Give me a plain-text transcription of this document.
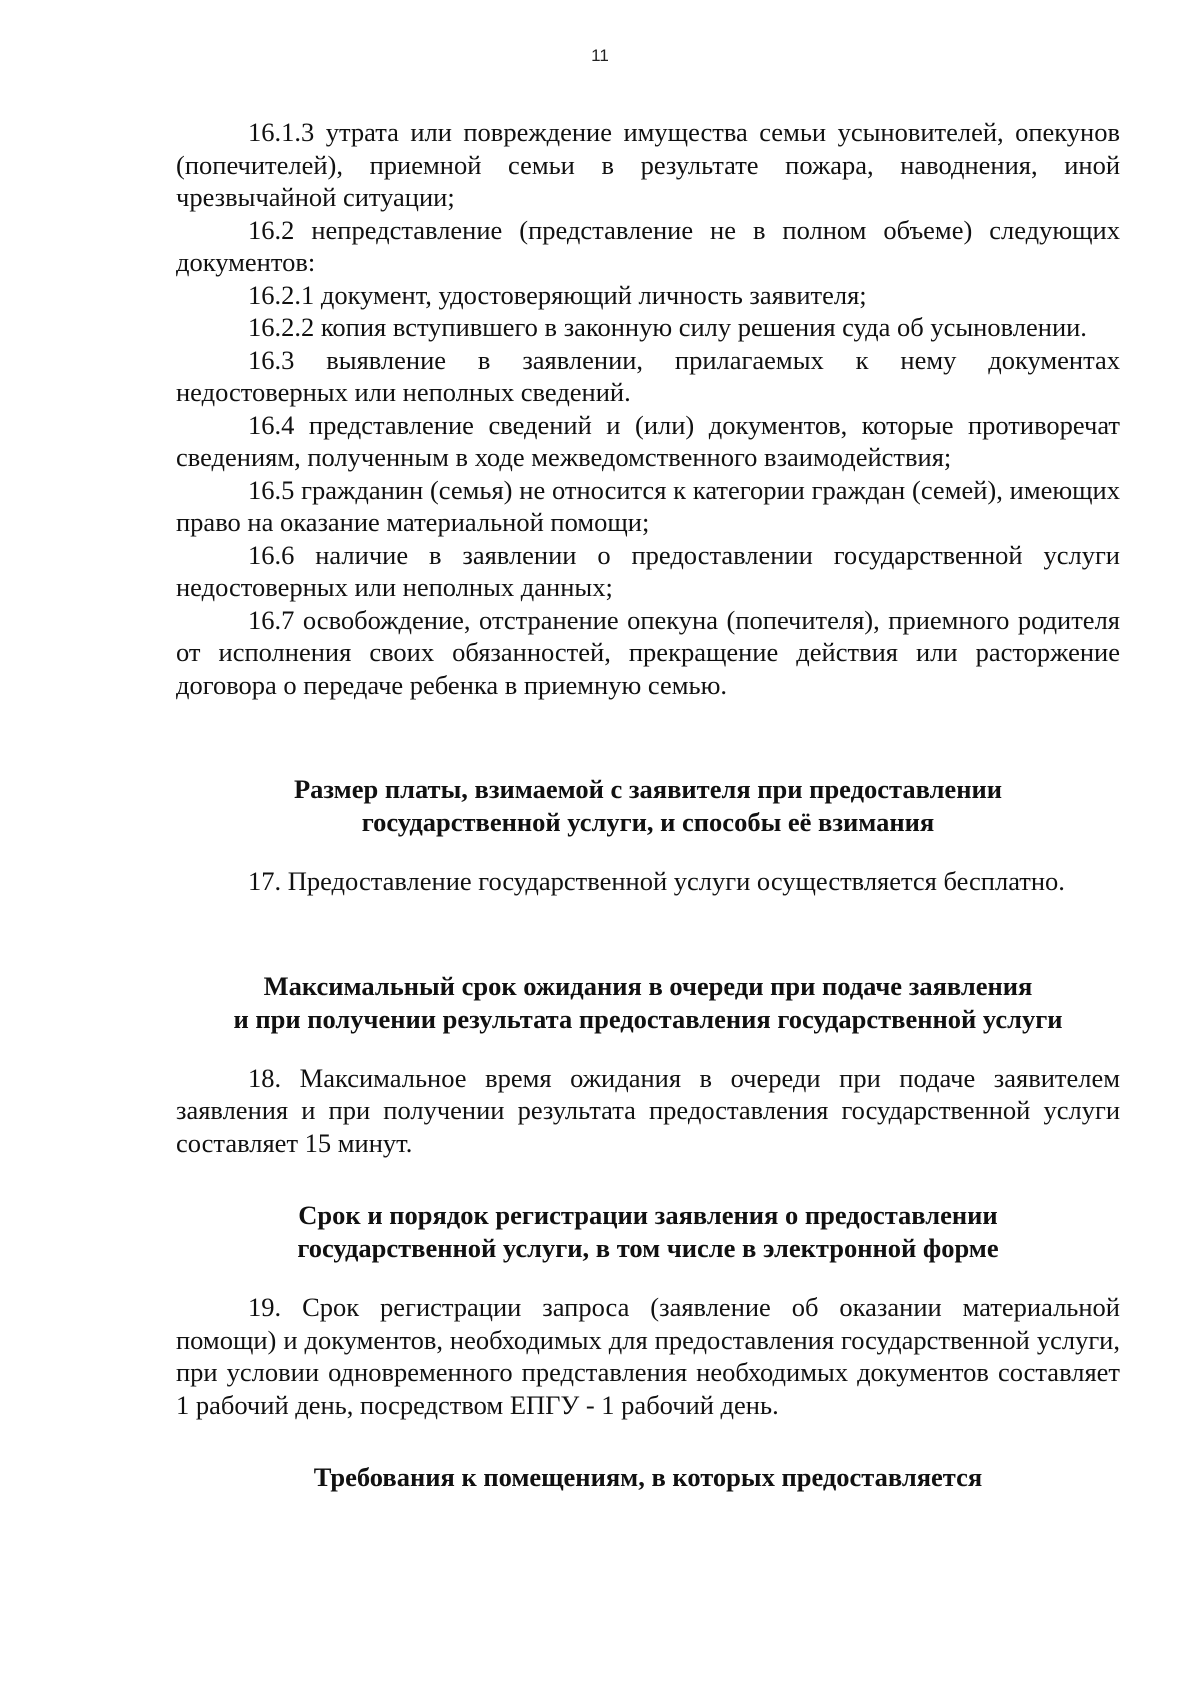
11

16.1.3 утрата или повреждение имущества семьи усыновителей, опекунов (попечителей), приемной семьи в результате пожара, наводнения, иной чрезвычайной ситуации;

16.2 непредставление (представление не в полном объеме) следующих документов:

16.2.1 документ, удостоверяющий личность заявителя;

16.2.2 копия вступившего в законную силу решения суда об усыновлении.

16.3 выявление в заявлении, прилагаемых к нему документах недостоверных или неполных сведений.

16.4 представление сведений и (или) документов, которые противоречат сведениям, полученным в ходе межведомственного взаимодействия;

16.5 гражданин (семья) не относится к категории граждан (семей), имеющих право на оказание материальной помощи;

16.6 наличие в заявлении о предоставлении государственной услуги недостоверных или неполных данных;

16.7 освобождение, отстранение опекуна (попечителя), приемного родителя от исполнения своих обязанностей, прекращение действия или расторжение договора о передаче ребенка в приемную семью.

Размер платы, взимаемой с заявителя при предоставлении
государственной услуги, и способы её взимания

17. Предоставление государственной услуги осуществляется бесплатно.

Максимальный срок ожидания в очереди при подаче заявления
и при получении результата предоставления государственной услуги

18. Максимальное время ожидания в очереди при подаче заявителем заявления и при получении результата предоставления государственной услуги составляет 15 минут.

Срок и порядок регистрации заявления о предоставлении
государственной услуги, в том числе в электронной форме

19. Срок регистрации запроса (заявление об оказании материальной помощи) и документов, необходимых для предоставления государственной услуги, при условии одновременного представления необходимых документов составляет 1 рабочий день, посредством ЕПГУ - 1 рабочий день.

Требования к помещениям, в которых предоставляется
